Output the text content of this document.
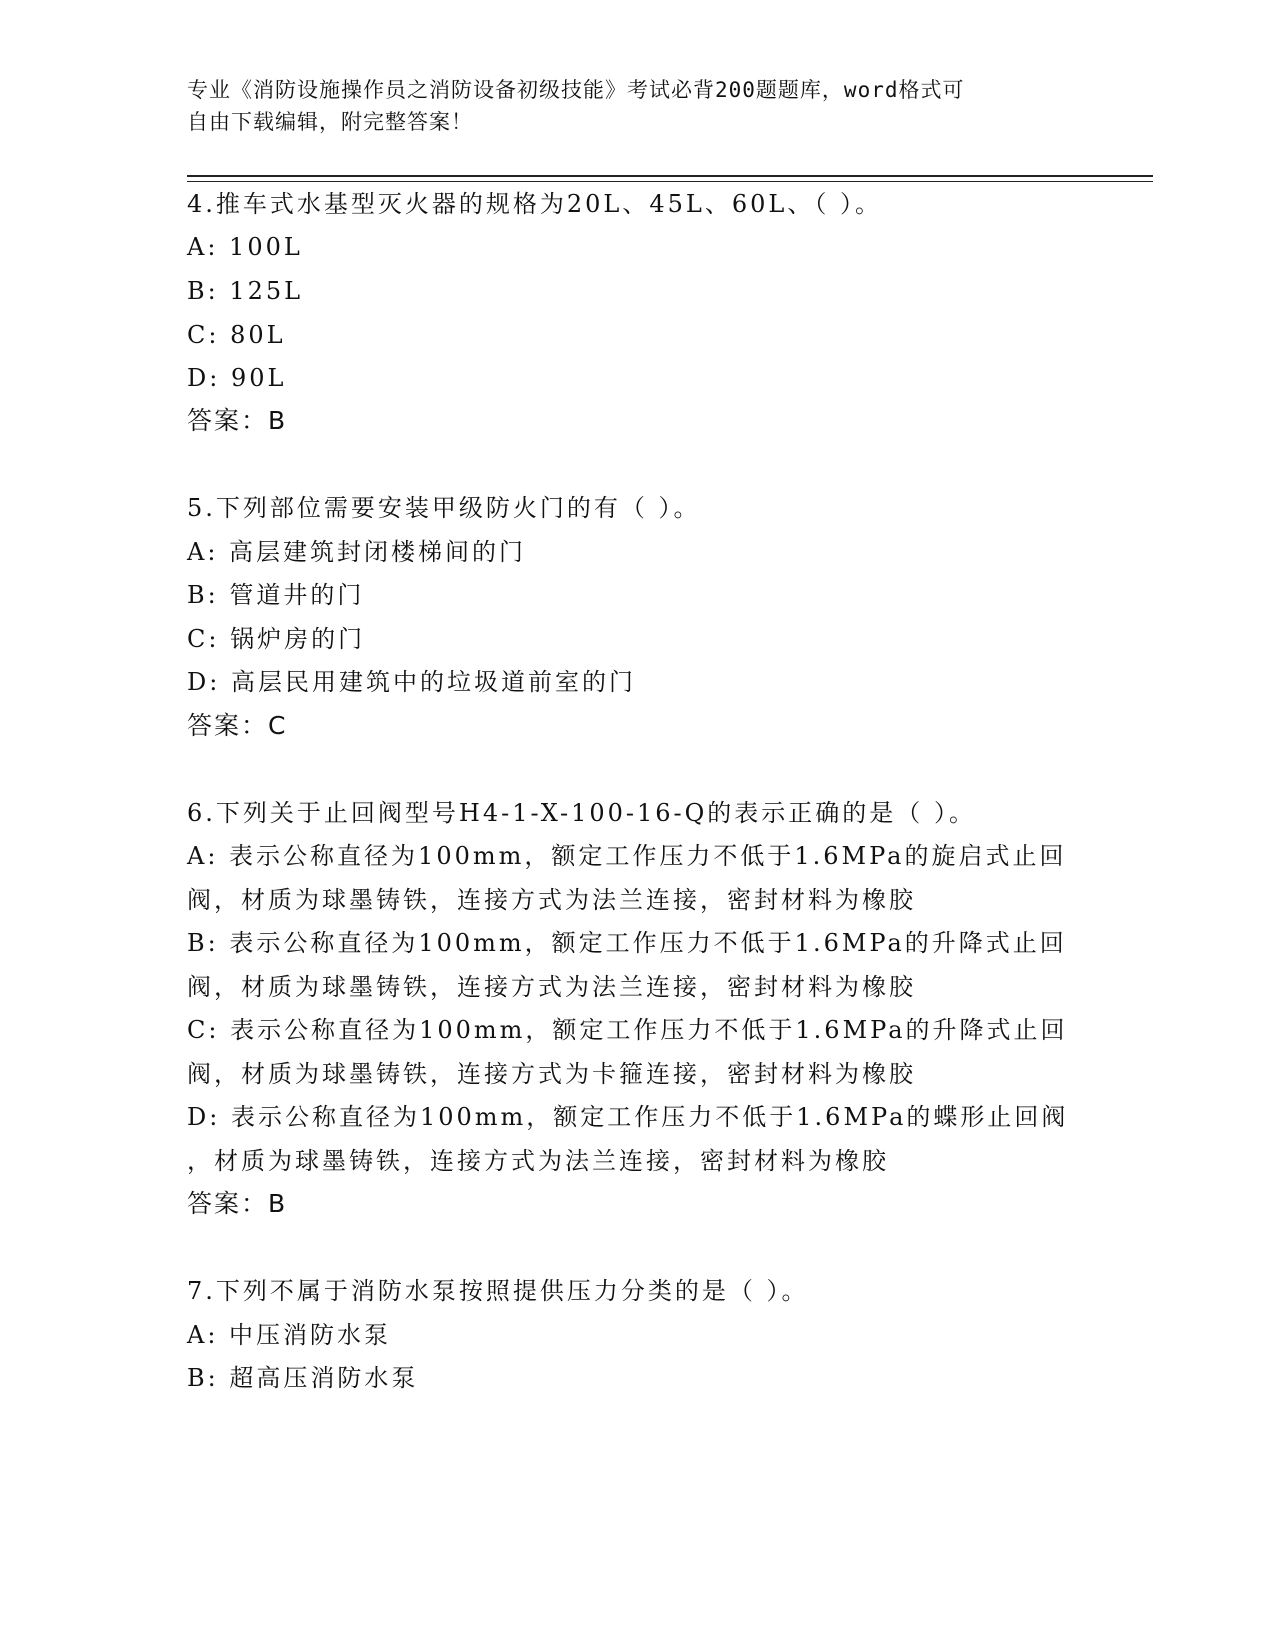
专业《消防设施操作员之消防设备初级技能》考试必背200题题库，word格式可

自由下载编辑，附完整答案！

4.推车式水基型灭火器的规格为20L、45L、60L、（ ）。
A: 100L
B: 125L
C: 80L
D: 90L
答案：B
5.下列部位需要安装甲级防火门的有（ ）。
A: 高层建筑封闭楼梯间的门
B: 管道井的门
C: 锅炉房的门
D: 高层民用建筑中的垃圾道前室的门
答案：C
6.下列关于止回阀型号H4-1-X-100-16-Q的表示正确的是（ ）。
A: 表示公称直径为100mm，额定工作压力不低于1.6MPa的旋启式止回
阀，材质为球墨铸铁，连接方式为法兰连接，密封材料为橡胶
B: 表示公称直径为100mm，额定工作压力不低于1.6MPa的升降式止回
阀，材质为球墨铸铁，连接方式为法兰连接，密封材料为橡胶
C: 表示公称直径为100mm，额定工作压力不低于1.6MPa的升降式止回
阀，材质为球墨铸铁，连接方式为卡箍连接，密封材料为橡胶
D: 表示公称直径为100mm，额定工作压力不低于1.6MPa的蝶形止回阀
，材质为球墨铸铁，连接方式为法兰连接，密封材料为橡胶
答案：B
7.下列不属于消防水泵按照提供压力分类的是（ ）。
A: 中压消防水泵
B: 超高压消防水泵
